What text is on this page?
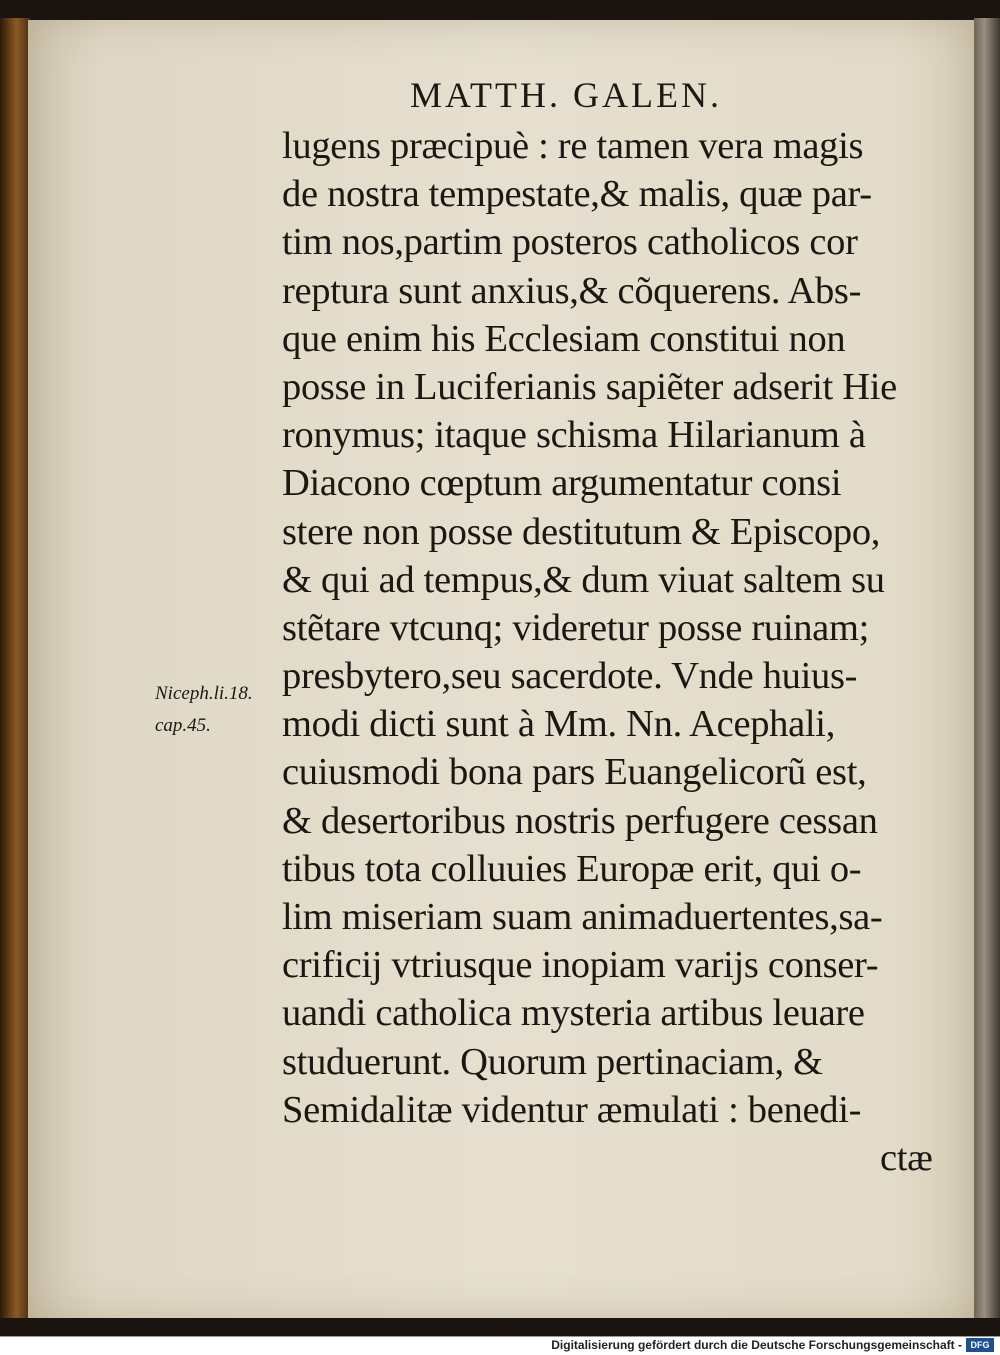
MATTH. GALEN.
lugens præcipuè : re tamen vera magis
de nostra tempestate,& malis, quæ par-
tim nos,partim posteros catholicos cor
reptura sunt anxius,& cõquerens. Abs-
que enim his Ecclesiam constitui non
posse in Luciferianis sapiẽter adserit Hie
ronymus; itaque schisma Hilarianum à
Diacono cœptum argumentatur consi
stere non posse destitutum & Episcopo,
& qui ad tempus,& dum viuat saltem su
stẽtare vtcunq; videretur posse ruinam;
presbytero,seu sacerdote. Vnde huius-
modi dicti sunt à Mm. Nn. Acephali,
cuiusmodi bona pars Euangelicorũ est,
& desertoribus nostris perfugere cessan
tibus tota colluuies Europæ erit, qui o-
lim miseriam suam animaduertentes,sa-
crificij vtriusque inopiam varijs conser-
uandi catholica mysteria artibus leuare
studuerunt. Quorum pertinaciam, &
Semidalitæ videntur æmulati : benedi-
ctæ
Niceph.li.18.
cap.45.
Digitalisierung gefördert durch die Deutsche Forschungsgemeinschaft - DFG
